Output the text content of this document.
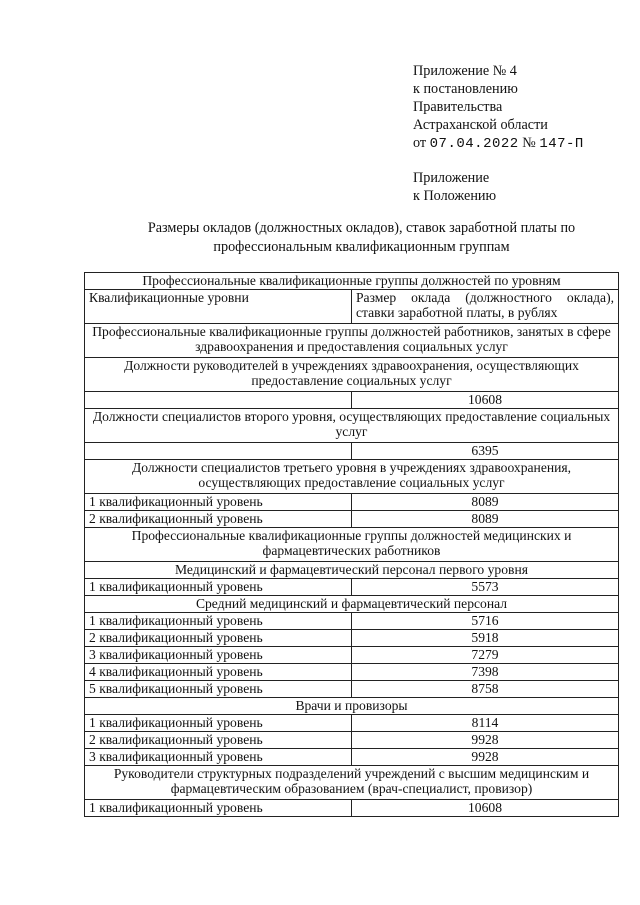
Приложение № 4
к постановлению
Правительства
Астраханской области
от 07.04.2022 № 147-П
Приложение
к Положению
Размеры окладов (должностных окладов), ставок заработной платы по профессиональным квалификационным группам
Профессиональные квалификационные группы должностей по уровням	
Квалификационные уровни	Размер оклада (должностного оклада), ставки заработной платы, в рублях
Профессиональные квалификационные группы должностей работников, занятых в сфере здравоохранения и предоставления социальных услуг	
Должности руководителей в учреждениях здравоохранения, осуществляющих предоставление социальных услуг	
	10608
Должности специалистов второго уровня, осуществляющих предоставление социальных услуг	
	6395
Должности специалистов третьего уровня в учреждениях здравоохранения, осуществляющих предоставление социальных услуг	
1 квалификационный уровень	8089
2 квалификационный уровень	8089
Профессиональные квалификационные группы должностей медицинских и фармацевтических работников	
Медицинский и фармацевтический персонал первого уровня	
1 квалификационный уровень	5573
Средний медицинский и фармацевтический персонал	
1 квалификационный уровень	5716
2 квалификационный уровень	5918
3 квалификационный уровень	7279
4 квалификационный уровень	7398
5 квалификационный уровень	8758
Врачи и провизоры	
1 квалификационный уровень	8114
2 квалификационный уровень	9928
3 квалификационный уровень	9928
Руководители структурных подразделений учреждений с высшим медицинским и фармацевтическим образованием (врач-специалист, провизор)	
1 квалификационный уровень	10608
